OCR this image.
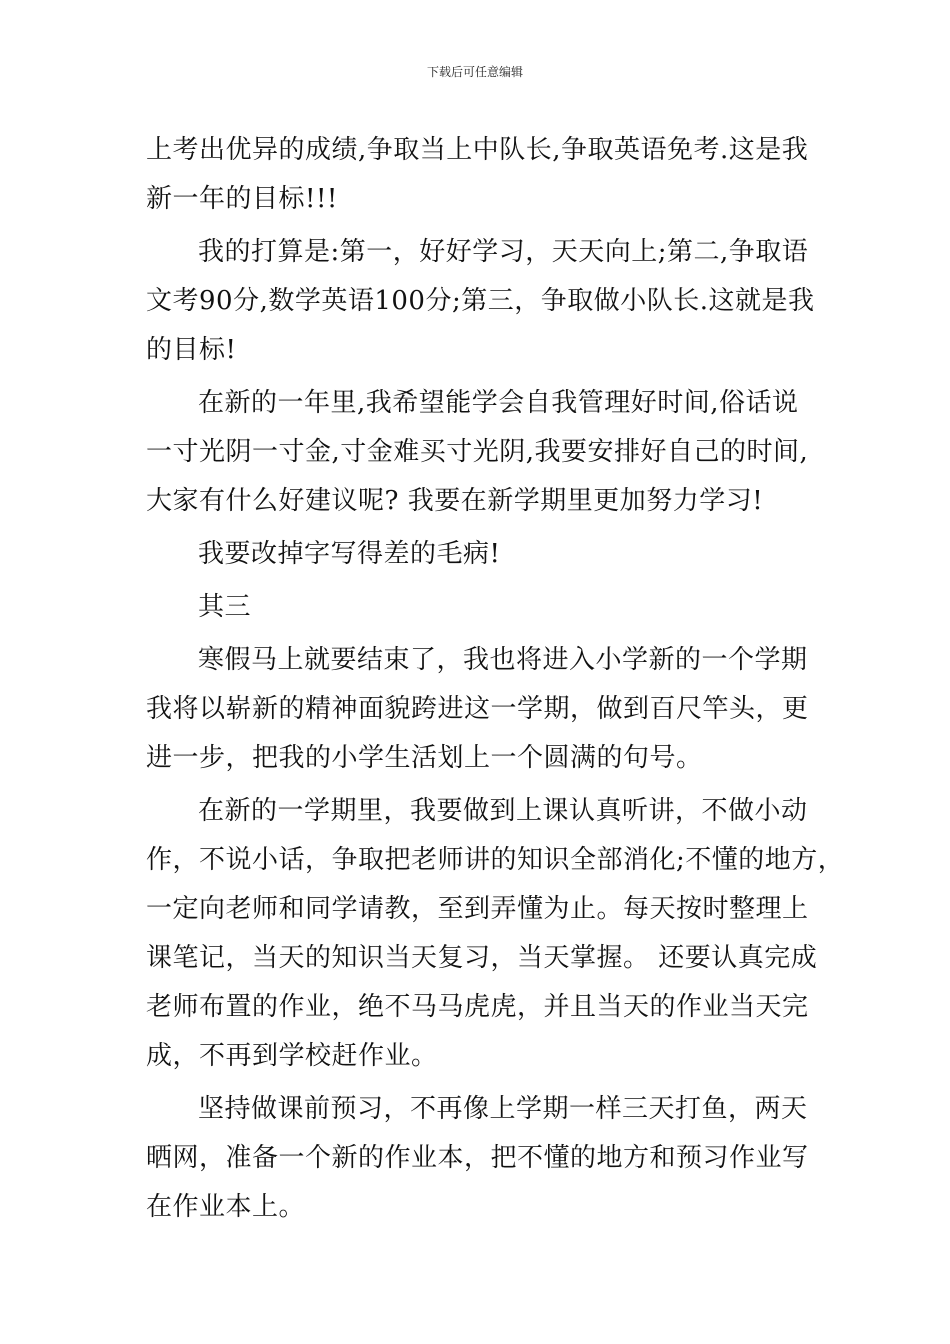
下载后可任意编辑

上考出优异的成绩,争取当上中队长,争取英语免考.这是我
新一年的目标!!!

我的打算是:第一，好好学习，天天向上;第二,争取语
文考90分,数学英语100分;第三，争取做小队长.这就是我
的目标!

在新的一年里,我希望能学会自我管理好时间,俗话说
一寸光阴一寸金,寸金难买寸光阴,我要安排好自己的时间,
大家有什么好建议呢? 我要在新学期里更加努力学习!

我要改掉字写得差的毛病!

其三

寒假马上就要结束了，我也将进入小学新的一个学期
我将以崭新的精神面貌跨进这一学期，做到百尺竿头，更
进一步，把我的小学生活划上一个圆满的句号。

在新的一学期里，我要做到上课认真听讲，不做小动
作，不说小话，争取把老师讲的知识全部消化;不懂的地方，
一定向老师和同学请教，至到弄懂为止。每天按时整理上
课笔记，当天的知识当天复习，当天掌握。 还要认真完成
老师布置的作业，绝不马马虎虎，并且当天的作业当天完
成，不再到学校赶作业。

坚持做课前预习，不再像上学期一样三天打鱼，两天
晒网，准备一个新的作业本，把不懂的地方和预习作业写
在作业本上。
